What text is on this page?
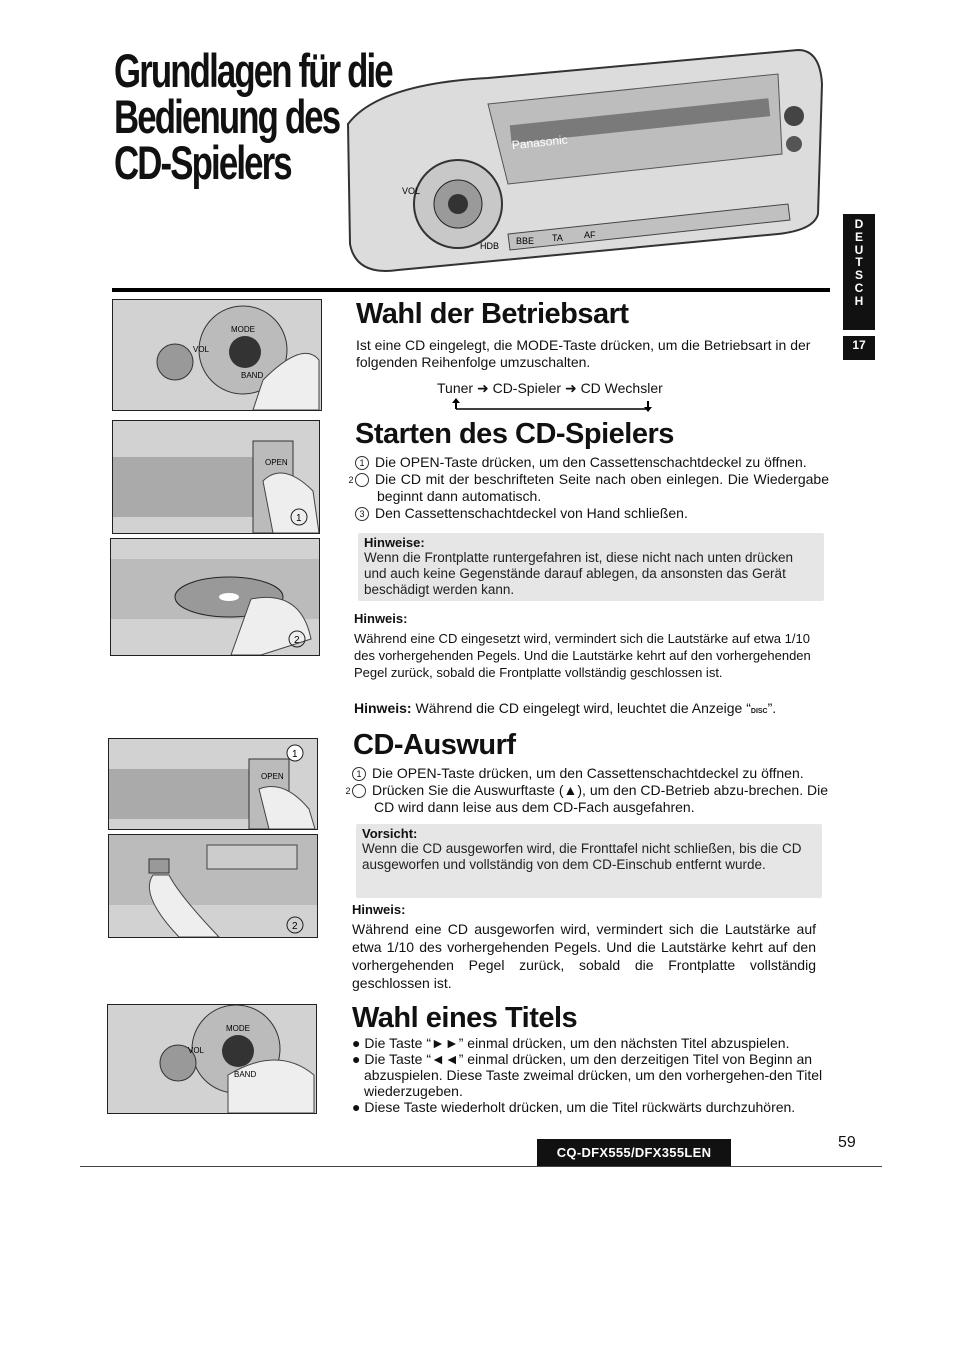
Grundlagen für die
Bedienung des
CD-Spielers	Panasonic
VOL
HDB BBE TA AF
D
E
U
T
S
C
H
17
MODE
VOL
BAND
OPEN
1
2
OPEN
1
2
MODE
VOL
BAND
Wahl der Betriebsart
Ist eine CD eingelegt, die MODE-Taste drücken, um die Betriebsart in der folgenden Reihenfolge umzuschalten.
Tuner ➜ CD-Spieler ➜ CD Wechsler
Starten des CD-Spielers
1 Die OPEN-Taste drücken, um den Cassettenschachtdeckel zu öffnen.
2 Die CD mit der beschrifteten Seite nach oben einlegen. Die Wiedergabe beginnt dann automatisch.
3 Den Cassettenschachtdeckel von Hand schließen.
Hinweise:
Wenn die Frontplatte runtergefahren ist, diese nicht nach unten drücken und auch keine Gegenstände darauf ablegen, da ansonsten das Gerät beschädigt werden kann.
Hinweis:
Während eine CD eingesetzt wird, vermindert sich die Lautstärke auf etwa 1/10 des vorhergehenden Pegels. Und die Lautstärke kehrt auf den vorhergehenden Pegel zurück, sobald die Frontplatte vollständig geschlossen ist.
Hinweis: Während die CD eingelegt wird, leuchtet die Anzeige “DISC”.
CD-Auswurf
1 Die OPEN-Taste drücken, um den Cassettenschachtdeckel zu öffnen.
2 Drücken Sie die Auswurftaste (▲), um den CD-Betrieb abzu-brechen. Die CD wird dann leise aus dem CD-Fach ausgefahren.
Vorsicht:
Wenn die CD ausgeworfen wird, die Fronttafel nicht schließen, bis die CD ausgeworfen und vollständig von dem CD-Einschub entfernt wurde.
Hinweis:
Während eine CD ausgeworfen wird, vermindert sich die Lautstärke auf etwa 1/10 des vorhergehenden Pegels. Und die Lautstärke kehrt auf den vorhergehenden Pegel zurück, sobald die Frontplatte vollständig geschlossen ist.
Wahl eines Titels
● Die Taste “►►” einmal drücken, um den nächsten Titel abzuspielen.
● Die Taste “◄◄” einmal drücken, um den derzeitigen Titel von Beginn an abzuspielen. Diese Taste zweimal drücken, um den vorhergehen-den Titel wiederzugeben.
● Diese Taste wiederholt drücken, um die Titel rückwärts durchzuhören.
CQ-DFX555/DFX355LEN
59
